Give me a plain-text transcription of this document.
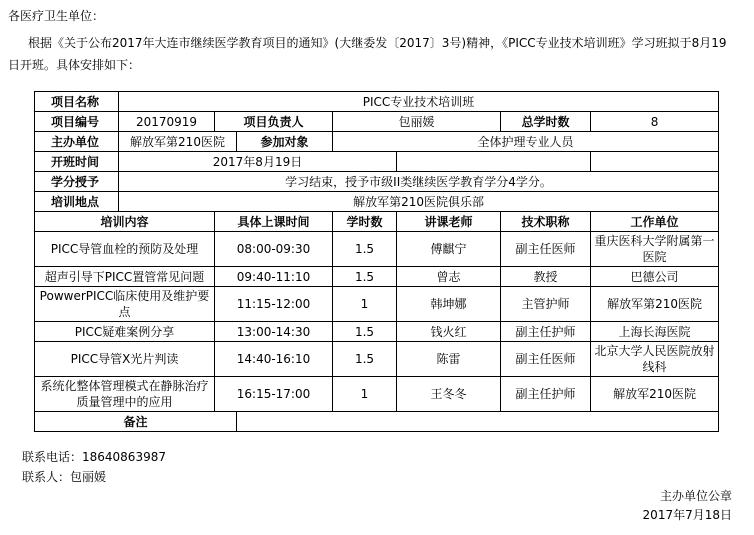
各医疗卫生单位：
根据《关于公布2017年大连市继续医学教育项目的通知》(大继委发〔2017〕3号)精神，《PICC专业技术培训班》学习班拟于8月19
日开班。具体安排如下：
项目名称	PICC专业技术培训班						
项目编号	20170919	项目负责人		包丽媛		总学时数	8
主办单位	解放军第210医院		参加对象	全体护理专业人员			
开班时间	2017年8月19日						
学分授予	学习结束，授予市级II类继续医学教育学分4学分。						
培训地点	解放军第210医院俱乐部						
培训内容		具体上课时间		学时数	讲课老师	技术职称	工作单位
PICC导管血栓的预防及处理		08:00-09:30		1.5	傅麒宁	副主任医师	重庆医科大学附属第一医院
超声引导下PICC置管常见问题		09:40-11:10		1.5	曾志	教授	巴德公司
PowwerPICC临床使用及维护要点		11:15-12:00		1	韩坤娜	主管护师	解放军第210医院
PICC疑难案例分享		13:00-14:30		1.5	钱火红	副主任护师	上海长海医院
PICC导管X光片判读		14:40-16:10		1.5	陈雷	副主任医师	北京大学人民医院放射线科
系统化整体管理模式在静脉治疗质量管理中的应用		16:15-17:00		1	王冬冬	副主任护师	解放军210医院
备注							
联系电话：18640863987
联系人：包丽媛
主办单位公章
2017年7月18日
